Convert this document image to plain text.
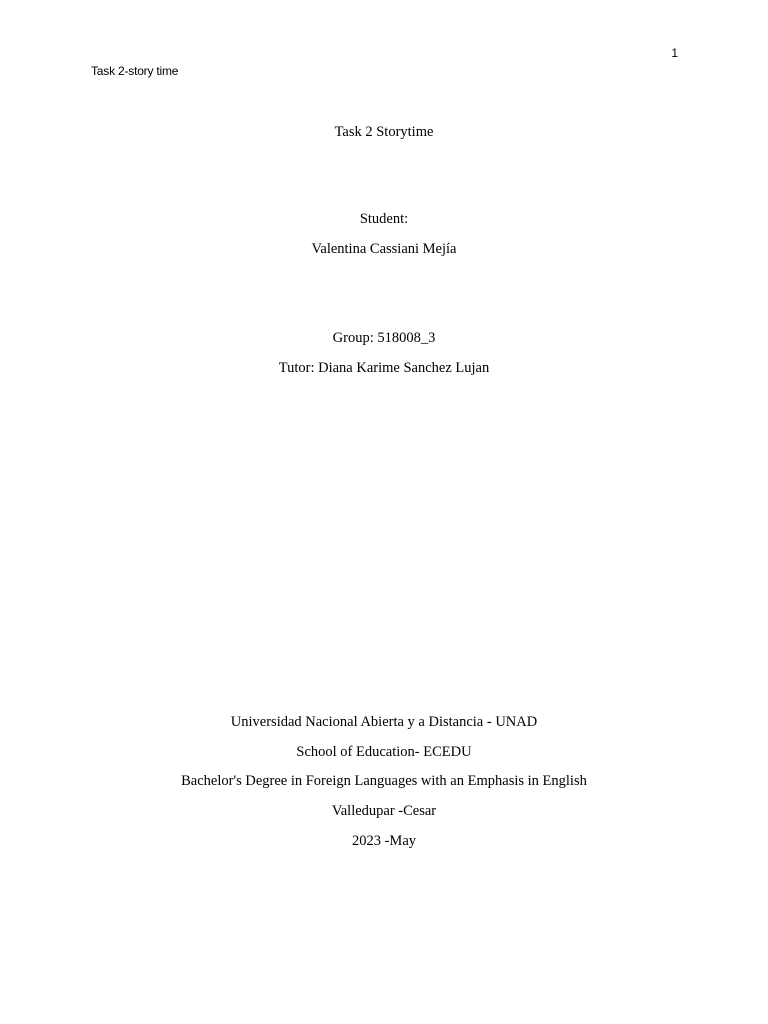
Task 2-story time
1
Task 2 Storytime
Student:
Valentina Cassiani Mejía
Group: 518008_3
Tutor: Diana Karime Sanchez Lujan
Universidad Nacional Abierta y a Distancia - UNAD
School of Education- ECEDU
Bachelor's Degree in Foreign Languages with an Emphasis in English
Valledupar -Cesar
2023 -May
